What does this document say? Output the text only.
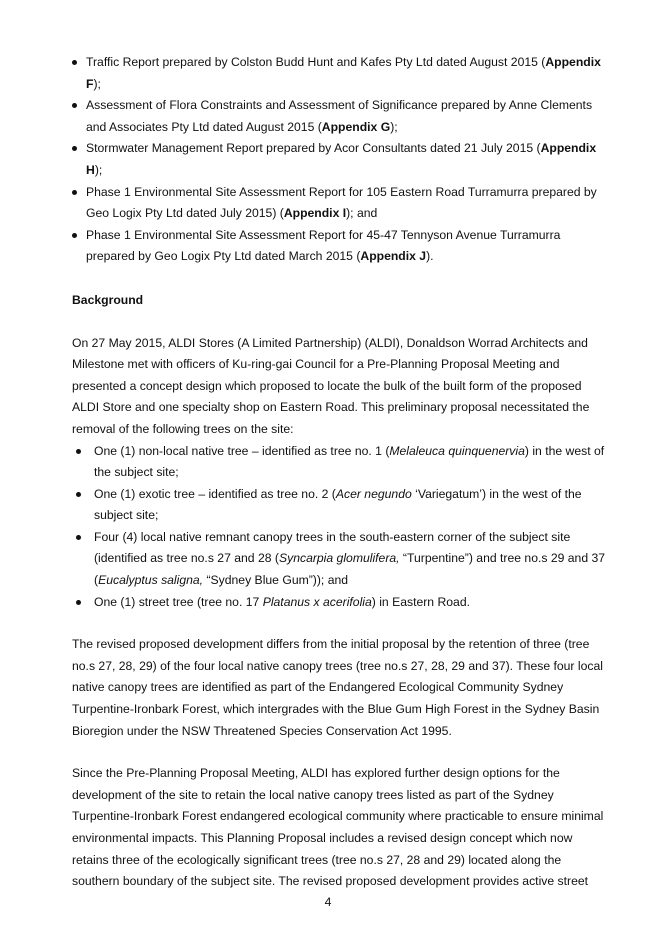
Traffic Report prepared by Colston Budd Hunt and Kafes Pty Ltd dated August 2015 (Appendix F);
Assessment of Flora Constraints and Assessment of Significance prepared by Anne Clements and Associates Pty Ltd dated August 2015 (Appendix G);
Stormwater Management Report prepared by Acor Consultants dated 21 July 2015 (Appendix H);
Phase 1 Environmental Site Assessment Report for 105 Eastern Road Turramurra prepared by Geo Logix Pty Ltd dated July 2015) (Appendix I); and
Phase 1 Environmental Site Assessment Report for 45-47 Tennyson Avenue Turramurra prepared by Geo Logix Pty Ltd dated March 2015 (Appendix J).
Background

On 27 May 2015, ALDI Stores (A Limited Partnership) (ALDI), Donaldson Worrad Architects and Milestone met with officers of Ku-ring-gai Council for a Pre-Planning Proposal Meeting and presented a concept design which proposed to locate the bulk of the built form of the proposed ALDI Store and one specialty shop on Eastern Road. This preliminary proposal necessitated the removal of the following trees on the site:

One (1) non-local native tree – identified as tree no. 1 (Melaleuca quinquenervia) in the west of the subject site;
One (1) exotic tree – identified as tree no. 2 (Acer negundo ‘Variegatum’) in the west of the subject site;
Four (4) local native remnant canopy trees in the south-eastern corner of the subject site (identified as tree no.s 27 and 28 (Syncarpia glomulifera, “Turpentine”) and tree no.s 29 and 37 (Eucalyptus saligna, “Sydney Blue Gum”)); and
One (1) street tree (tree no. 17 Platanus x acerifolia) in Eastern Road.

The revised proposed development differs from the initial proposal by the retention of three (tree no.s 27, 28, 29) of the four local native canopy trees (tree no.s 27, 28, 29 and 37). These four local native canopy trees are identified as part of the Endangered Ecological Community Sydney Turpentine-Ironbark Forest, which intergrades with the Blue Gum High Forest in the Sydney Basin Bioregion under the NSW Threatened Species Conservation Act 1995.

Since the Pre-Planning Proposal Meeting, ALDI has explored further design options for the development of the site to retain the local native canopy trees listed as part of the Sydney Turpentine-Ironbark Forest endangered ecological community where practicable to ensure minimal environmental impacts. This Planning Proposal includes a revised design concept which now retains three of the ecologically significant trees (tree no.s 27, 28 and 29) located along the southern boundary of the subject site. The revised proposed development provides active street

4
